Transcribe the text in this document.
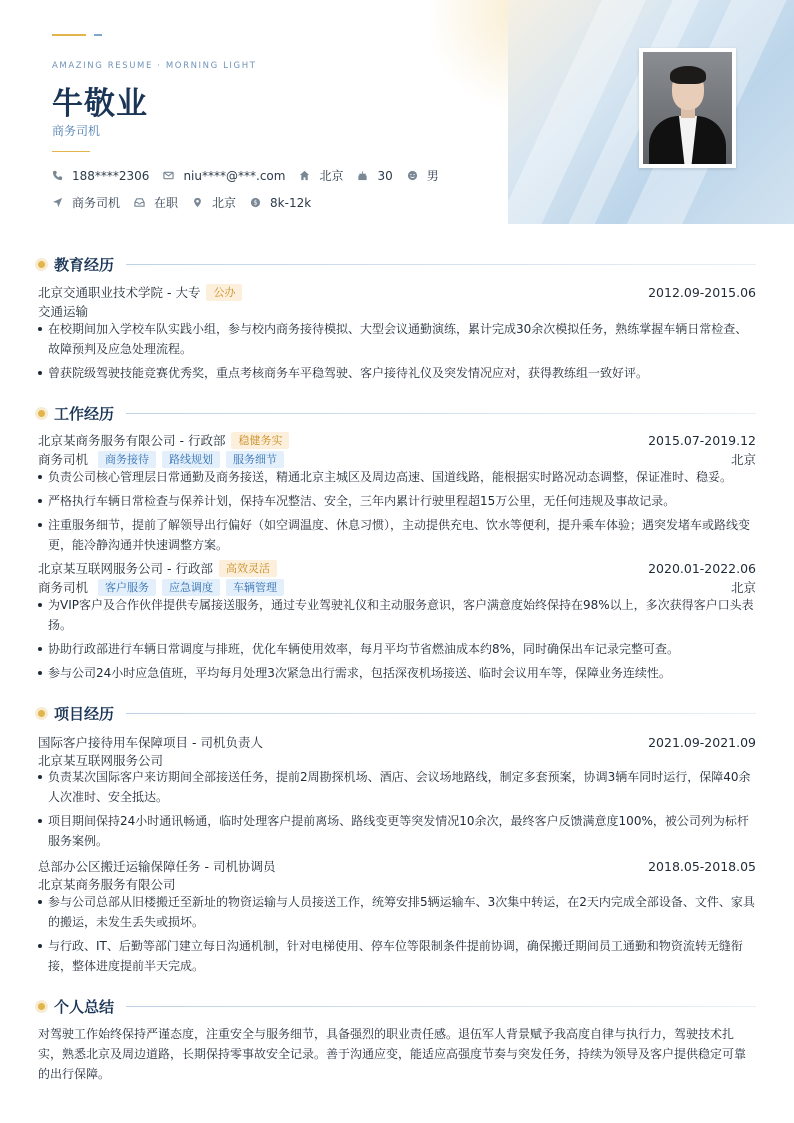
AMAZING RESUME · MORNING LIGHT
牛敬业
商务司机
188****2306	niu****@***.com	北京	30	男
商务司机	在职	北京 $ 8k-12k
教育经历
北京交通职业技术学院 - 大专	公办	2012.09-2015.06
交通运输
在校期间加入学校车队实践小组，参与校内商务接待模拟、大型会议通勤演练，累计完成30余次模拟任务，熟练掌握车辆日常检查、故障预判及应急处理流程。
曾获院级驾驶技能竞赛优秀奖，重点考核商务车平稳驾驶、客户接待礼仪及突发情况应对，获得教练组一致好评。
工作经历
北京某商务服务有限公司 - 行政部	稳健务实	2015.07-2019.12
商务司机	商务接待	路线规划	服务细节	北京
负责公司核心管理层日常通勤及商务接送，精通北京主城区及周边高速、国道线路，能根据实时路况动态调整，保证准时、稳妥。
严格执行车辆日常检查与保养计划，保持车况整洁、安全，三年内累计行驶里程超15万公里，无任何违规及事故记录。
注重服务细节，提前了解领导出行偏好（如空调温度、休息习惯），主动提供充电、饮水等便利，提升乘车体验；遇突发堵车或路线变更，能冷静沟通并快速调整方案。
北京某互联网服务公司 - 行政部	高效灵活	2020.01-2022.06
商务司机	客户服务	应急调度	车辆管理	北京
为VIP客户及合作伙伴提供专属接送服务，通过专业驾驶礼仪和主动服务意识，客户满意度始终保持在98%以上，多次获得客户口头表扬。
协助行政部进行车辆日常调度与排班，优化车辆使用效率，每月平均节省燃油成本约8%，同时确保出车记录完整可查。
参与公司24小时应急值班，平均每月处理3次紧急出行需求，包括深夜机场接送、临时会议用车等，保障业务连续性。
项目经历
国际客户接待用车保障项目 - 司机负责人	2021.09-2021.09
北京某互联网服务公司
负责某次国际客户来访期间全部接送任务，提前2周勘探机场、酒店、会议场地路线，制定多套预案，协调3辆车同时运行，保障40余人次准时、安全抵达。
项目期间保持24小时通讯畅通，临时处理客户提前离场、路线变更等突发情况10余次，最终客户反馈满意度100%，被公司列为标杆服务案例。
总部办公区搬迁运输保障任务 - 司机协调员	2018.05-2018.05
北京某商务服务有限公司
参与公司总部从旧楼搬迁至新址的物资运输与人员接送工作，统筹安排5辆运输车、3次集中转运，在2天内完成全部设备、文件、家具的搬运，未发生丢失或损坏。
与行政、IT、后勤等部门建立每日沟通机制，针对电梯使用、停车位等限制条件提前协调，确保搬迁期间员工通勤和物资流转无缝衔接，整体进度提前半天完成。
个人总结
对驾驶工作始终保持严谨态度，注重安全与服务细节，具备强烈的职业责任感。退伍军人背景赋予我高度自律与执行力，驾驶技术扎实，熟悉北京及周边道路，长期保持零事故安全记录。善于沟通应变，能适应高强度节奏与突发任务，持续为领导及客户提供稳定可靠的出行保障。
